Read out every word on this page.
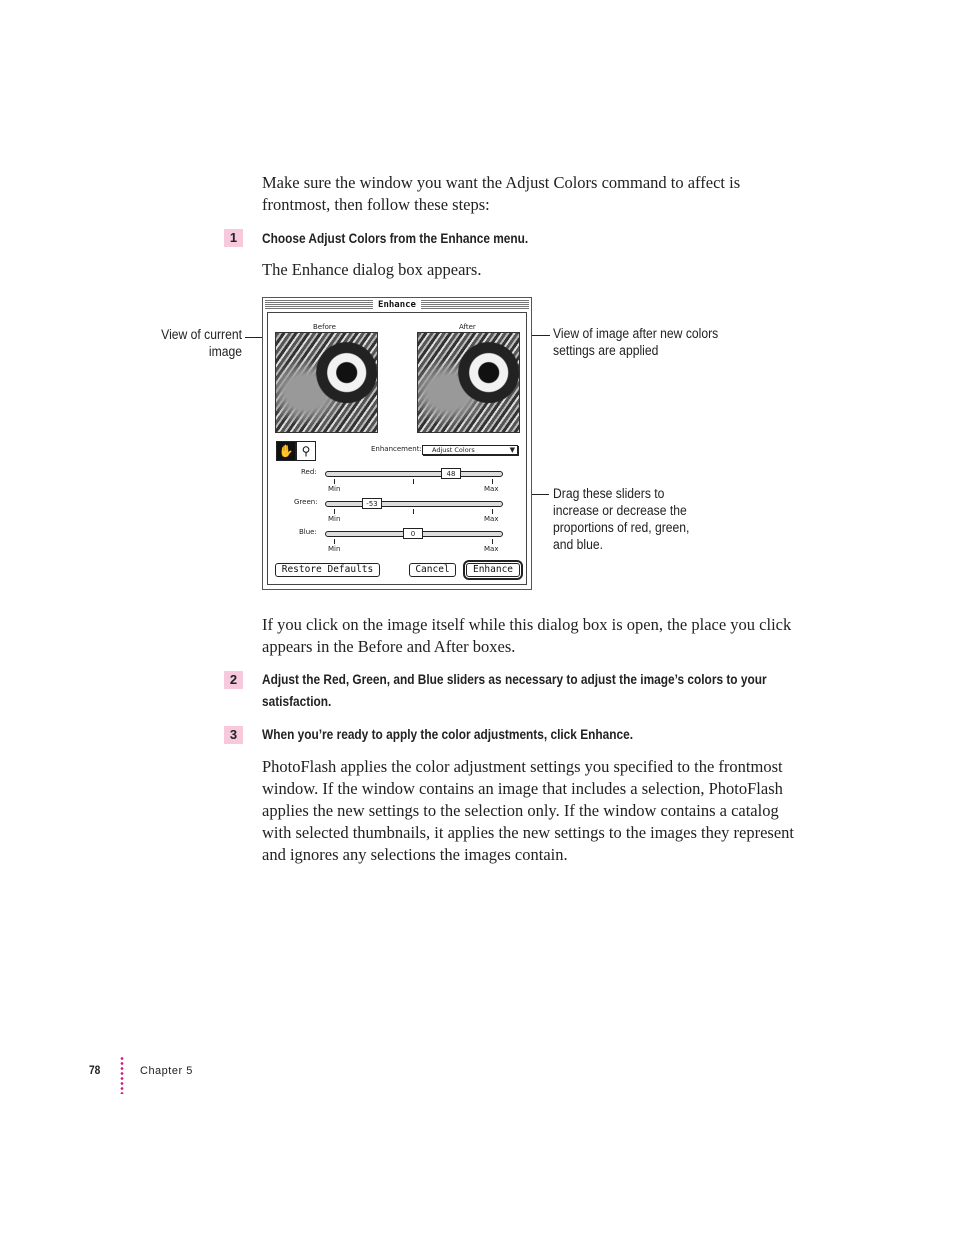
Make sure the window you want the Adjust Colors command to affect is frontmost, then follow these steps:
1	Choose Adjust Colors from the Enhance menu.
The Enhance dialog box appears.
View of current image
View of image after new colors settings are applied
Drag these sliders to increase or decrease the proportions of red, green, and blue.
Enhance
Before	After
✋ ⚲	Enhancement:	Adjust Colors	▼
Red:	48
Min	Max
Green:	-53
Min	Max
Blue:	0
Min	Max
Restore Defaults	Cancel	Enhance
If you click on the image itself while this dialog box is open, the place you click appears in the Before and After boxes.
2	Adjust the Red, Green, and Blue sliders as necessary to adjust the image’s colors to your satisfaction.
3	When you’re ready to apply the color adjustments, click Enhance.
PhotoFlash applies the color adjustment settings you specified to the frontmost window. If the window contains an image that includes a selection, PhotoFlash applies the new settings to the selection only. If the window contains a catalog with selected thumbnails, it applies the new settings to the images they represent and ignores any selections the images contain.
78	Chapter 5
